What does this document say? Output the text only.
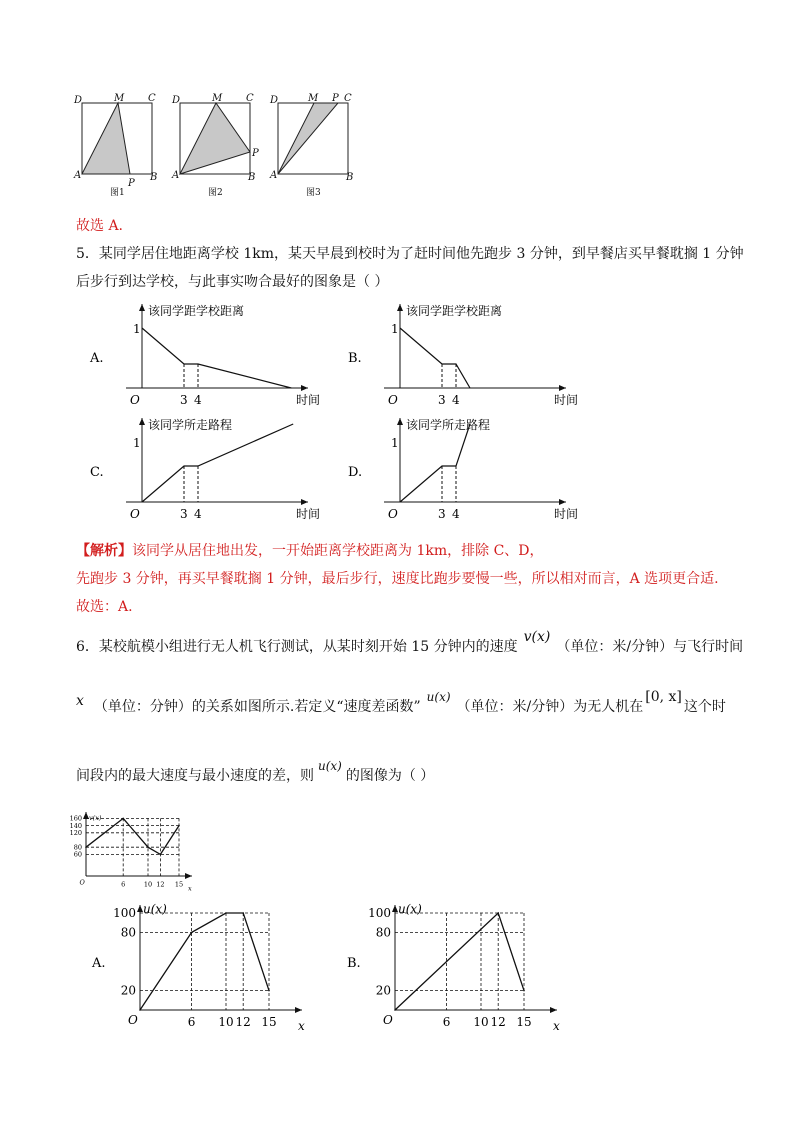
D	M C
A
P
B
图1
D	M C
A
P
B
图2
D	M P C
A	B
图3
故选 A.
5．某同学居住地距离学校 1km，某天早晨到校时为了赶时间他先跑步 3 分钟，到早餐店买早餐耽搁 1 分钟
后步行到达学校，与此事实吻合最好的图象是（ ）
A.
该同学距学校距离
时间
O
1
3 4
B.
该同学距学校距离
时间
O
1
3 4
C.
该同学所走路程
时间
O
1
3 4
D.
该同学所走路程
时间
O
1
3 4
【解析】该同学从居住地出发，一开始距离学校距离为 1km，排除 C、D，
先跑步 3 分钟，再买早餐耽搁 1 分钟，最后步行，速度比跑步要慢一些，所以相对而言，A 选项更合适.
故选：A.
6．某校航模小组进行无人机飞行测试，从某时刻开始 15 分钟内的速度v(x)（单位：米/分钟）与飞行时间
x （单位：分钟）的关系如图所示.若定义“速度差函数”u(x)（单位：米/分钟）为无人机在[0, x]这个时
间段内的最大速度与最小速度的差，则u(x)的图像为（ ）
v(x)
x
O
160
140
120
80
60
6	10 12 15
A.
u(x)
x
O
100
80
20
6 10 12 15
B.
u(x)
x
O
100
80
20
6 10 12 15
